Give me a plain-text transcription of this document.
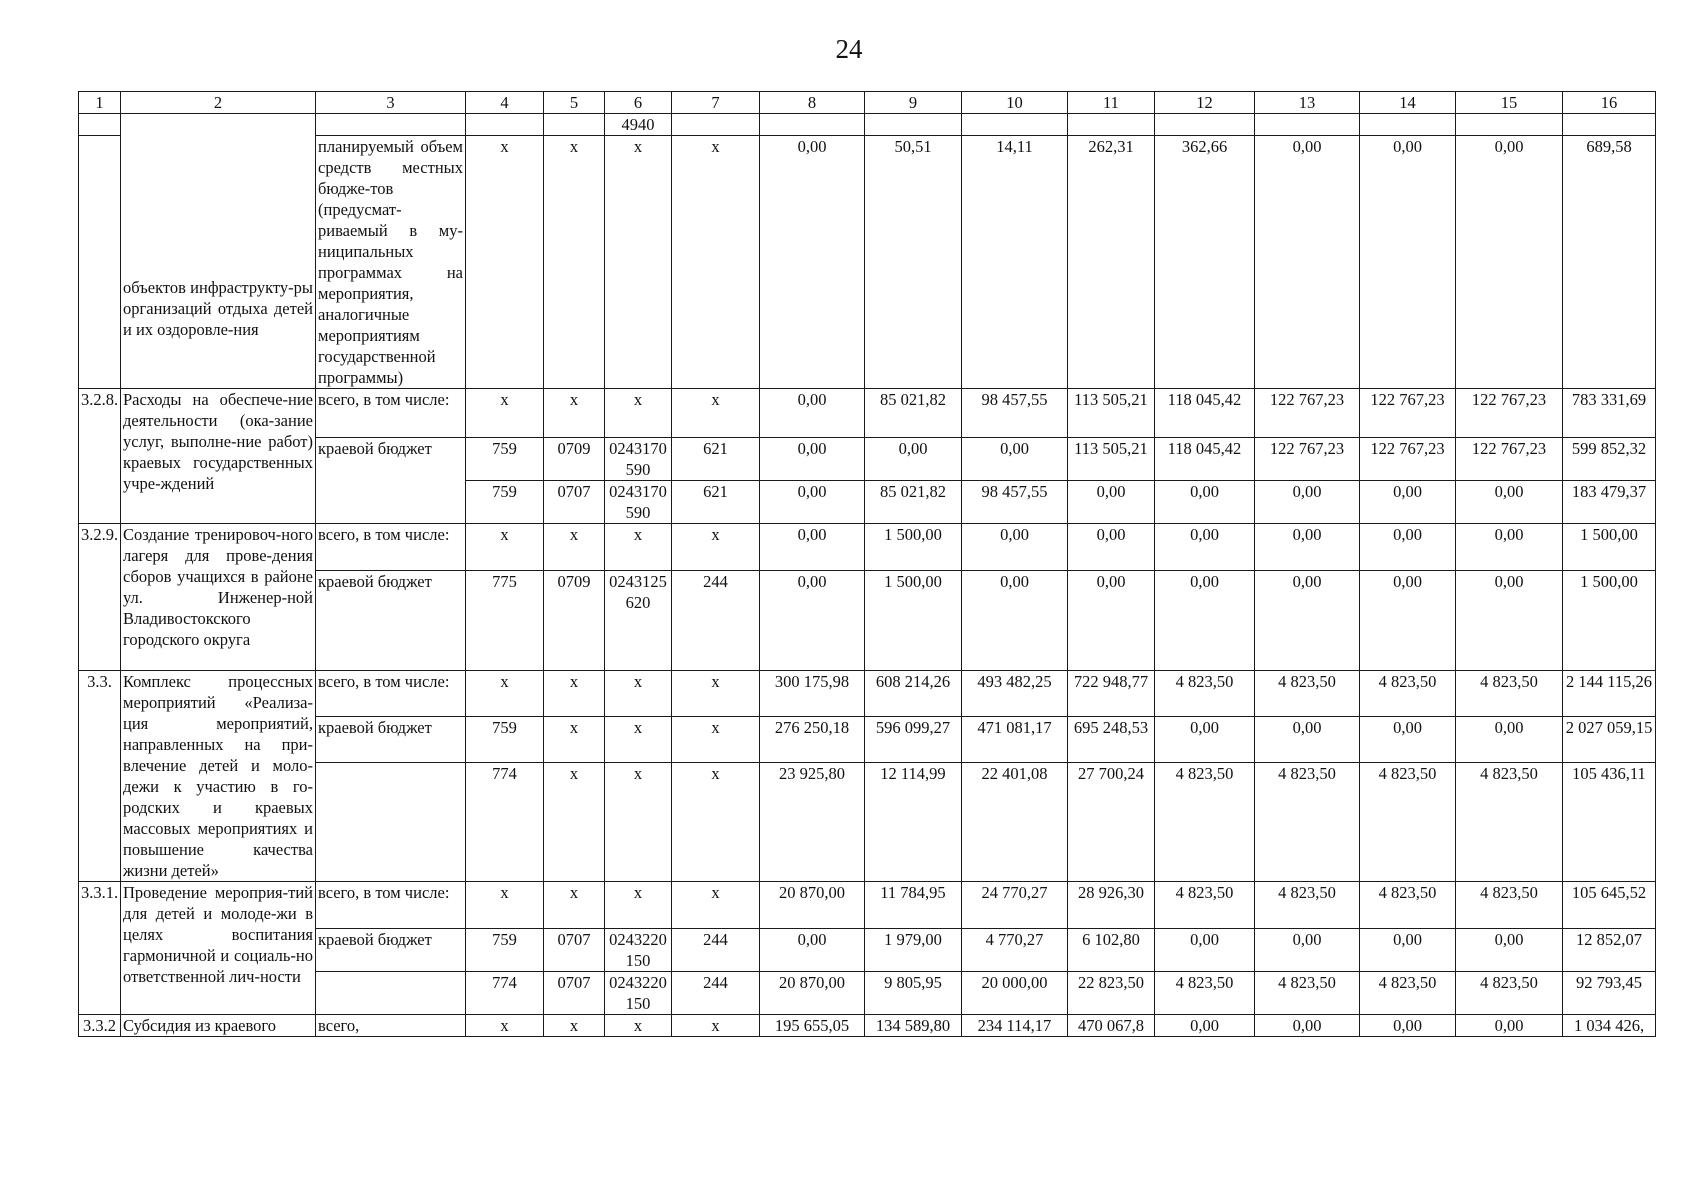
24
1	2	3	4	5	6	7	8	9	10	11	12	13	14	15	16
	объектов инфраструкту-ры организаций отдыха детей и их оздоровле-ния				4940										
		планируемый объем средств местных бюдже-тов (предусмат-риваемый в му-ниципальных программах на мероприятия, аналогичные мероприятиям государственной программы)	х	х	х	х	0,00	50,51	14,11	262,31	362,66	0,00	0,00	0,00	689,58
3.2.8.	Расходы на обеспече-ние деятельности (ока-зание услуг, выполне-ние работ) краевых государственных учре-ждений	всего, в том числе:	х	х	х	х	0,00	85 021,82	98 457,55	113 505,21	118 045,42	122 767,23	122 767,23	122 767,23	783 331,69
		краевой бюджет	759	0709	0243170590	621	0,00	0,00	0,00	113 505,21	118 045,42	122 767,23	122 767,23	122 767,23	599 852,32
			759	0707	0243170590	621	0,00	85 021,82	98 457,55	0,00	0,00	0,00	0,00	0,00	183 479,37
3.2.9.	Создание тренировоч-ного лагеря для прове-дения сборов учащихся в районе ул. Инженер-ной Владивостокского городского округа	всего, в том числе:	х	х	х	х	0,00	1 500,00	0,00	0,00	0,00	0,00	0,00	0,00	1 500,00
		краевой бюджет	775	0709	0243125620	244	0,00	1 500,00	0,00	0,00	0,00	0,00	0,00	0,00	1 500,00
3.3.	Комплекс процессных мероприятий «Реализа-ция мероприятий, направленных на при-влечение детей и моло-дежи к участию в го-родских и краевых массовых мероприятиях и повышение качества жизни детей»	всего, в том числе:	х	х	х	х	300 175,98	608 214,26	493 482,25	722 948,77	4 823,50	4 823,50	4 823,50	4 823,50	2 144 115,26
		краевой бюджет	759	х	х	х	276 250,18	596 099,27	471 081,17	695 248,53	0,00	0,00	0,00	0,00	2 027 059,15
			774	х	х	х	23 925,80	12 114,99	22 401,08	27 700,24	4 823,50	4 823,50	4 823,50	4 823,50	105 436,11
3.3.1.	Проведение мероприя-тий для детей и молоде-жи в целях воспитания гармоничной и социаль-но ответственной лич-ности	всего, в том числе:	х	х	х	х	20 870,00	11 784,95	24 770,27	28 926,30	4 823,50	4 823,50	4 823,50	4 823,50	105 645,52
		краевой бюджет	759	0707	0243220150	244	0,00	1 979,00	4 770,27	6 102,80	0,00	0,00	0,00	0,00	12 852,07
			774	0707	0243220150	244	20 870,00	9 805,95	20 000,00	22 823,50	4 823,50	4 823,50	4 823,50	4 823,50	92 793,45
3.3.2	Субсидия из краевого	всего,	х	х	х	х	195 655,05	134 589,80	234 114,17	470 067,8	0,00	0,00	0,00	0,00	1 034 426,
